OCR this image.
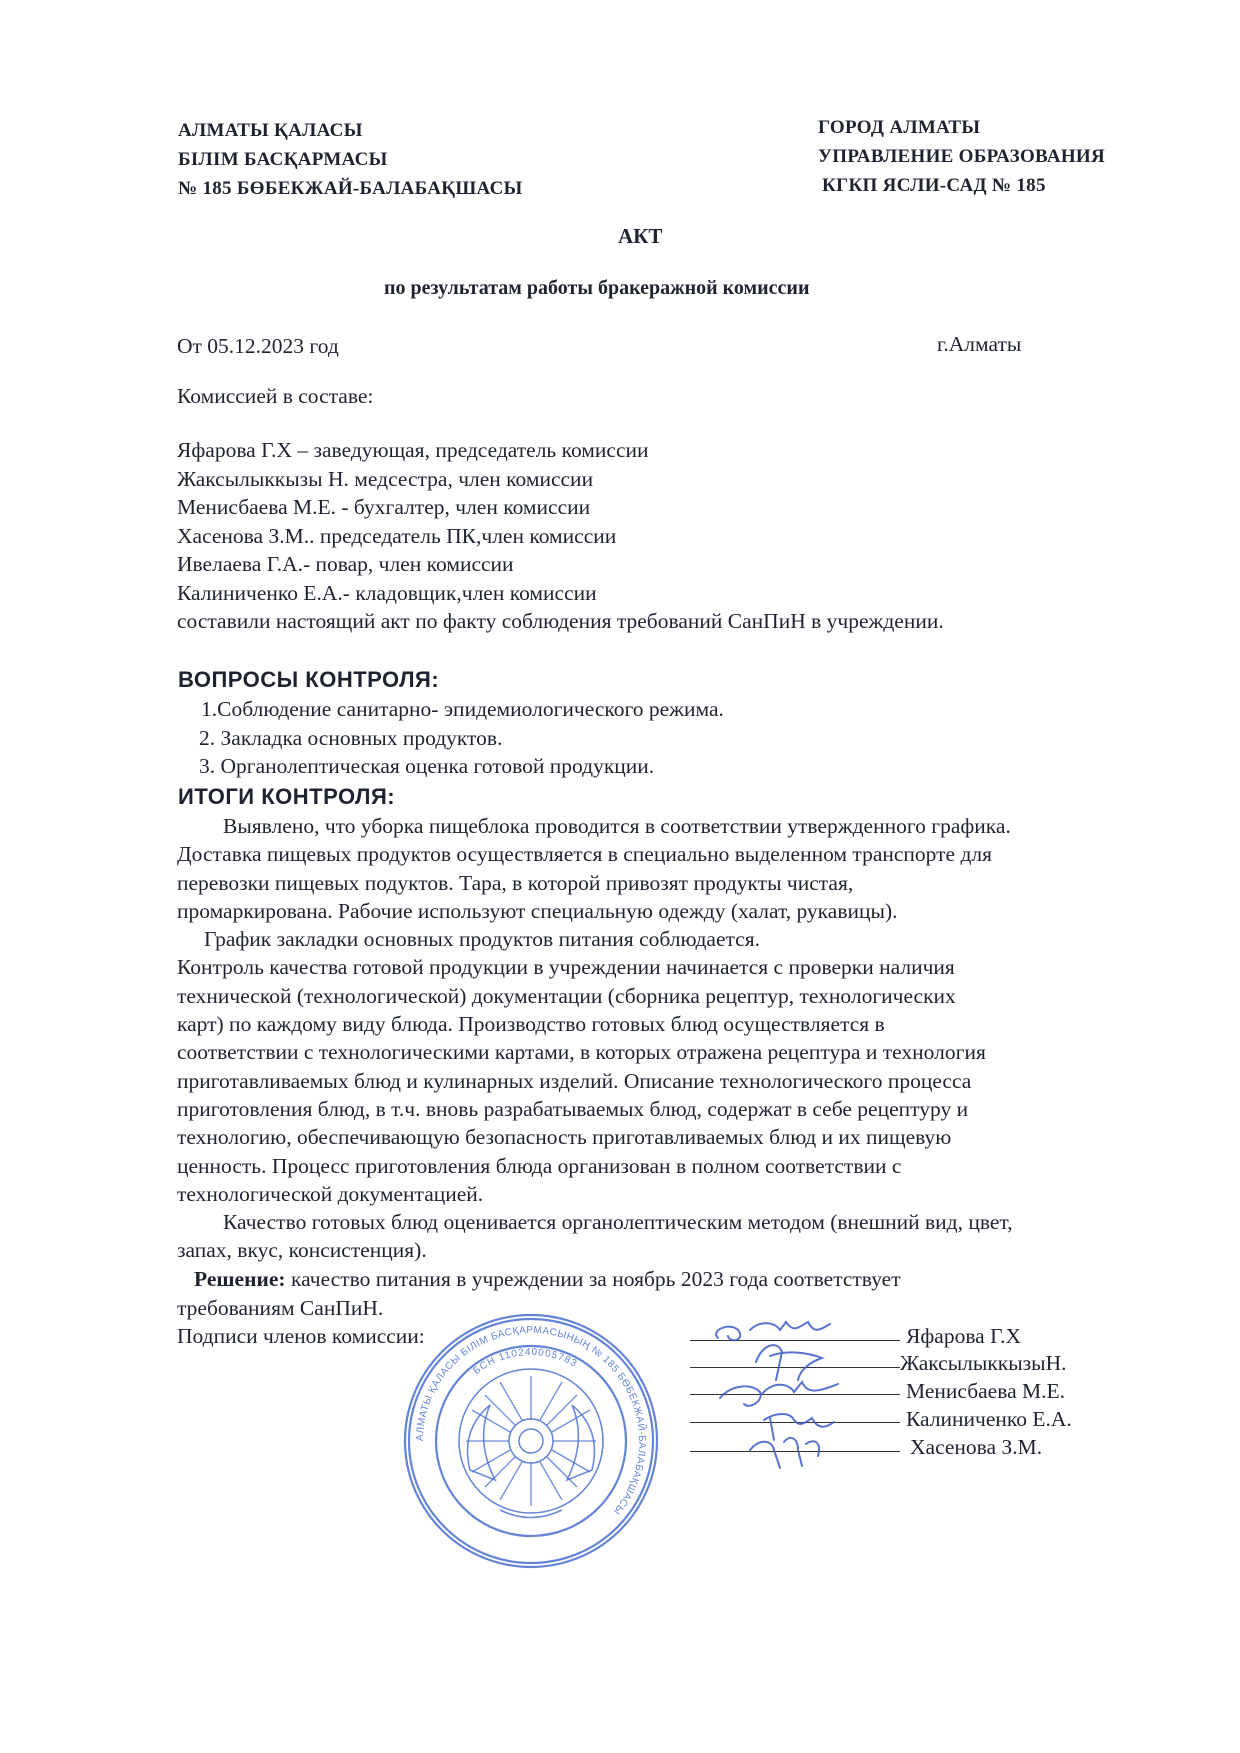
АЛМАТЫ ҚАЛАСЫ
БІЛІМ БАСҚАРМАСЫ
№ 185 БӨБЕКЖАЙ-БАЛАБАҚШАСЫ
ГОРОД АЛМАТЫ
УПРАВЛЕНИЕ ОБРАЗОВАНИЯ
КГКП ЯСЛИ-САД № 185
АКТ
по результатам работы бракеражной комиссии
От 05.12.2023 год	г.Алматы
Комиссией в составе:
Яфарова Г.Х – заведующая, председатель комиссии
Жаксылыккызы Н. медсестра, член комиссии
Менисбаева М.Е. - бухгалтер, член комиссии
Хасенова З.М.. председатель ПК,член комиссии
Ивелаева Г.А.- повар, член комиссии
Калиниченко Е.А.- кладовщик,член комиссии
составили настоящий акт по факту соблюдения требований СанПиН в учреждении.
ВОПРОСЫ КОНТРОЛЯ:
1.Соблюдение санитарно- эпидемиологического режима.
2. Закладка основных продуктов.
3. Органолептическая оценка готовой продукции.
ИТОГИ КОНТРОЛЯ:
Выявлено, что уборка пищеблока проводится в соответствии утвержденного графика.
Доставка пищевых продуктов осуществляется в специально выделенном транспорте для
перевозки пищевых подуктов. Тара, в которой привозят продукты чистая,
промаркирована. Рабочие используют специальную одежду (халат, рукавицы).
График закладки основных продуктов питания соблюдается.
Контроль качества готовой продукции в учреждении начинается с проверки наличия
технической (технологической) документации (сборника рецептур, технологических
карт) по каждому виду блюда. Производство готовых блюд осуществляется в
соответствии с технологическими картами, в которых отражена рецептура и технология
приготавливаемых блюд и кулинарных изделий. Описание технологического процесса
приготовления блюд, в т.ч. вновь разрабатываемых блюд, содержат в себе рецептуру и
технологию, обеспечивающую безопасность приготавливаемых блюд и их пищевую
ценность. Процесс приготовления блюда организован в полном соответствии с
технологической документацией.
Качество готовых блюд оценивается органолептическим методом (внешний вид, цвет,
запах, вкус, консистенция).
Решение: качество питания в учреждении за ноябрь 2023 года соответствует
требованиям СанПиН.
Подписи членов комиссии:
АЛМАТЫ ҚАЛАСЫ БІЛІМ БАСҚАРМАСЫНЫҢ № 185 БӨБЕКЖАЙ-БАЛАБАҚШАСЫ
БСН 110240005783
Яфарова Г.Х
ЖаксылыккызыН.
Менисбаева М.Е.
Калиниченко Е.А.
Хасенова З.М.
